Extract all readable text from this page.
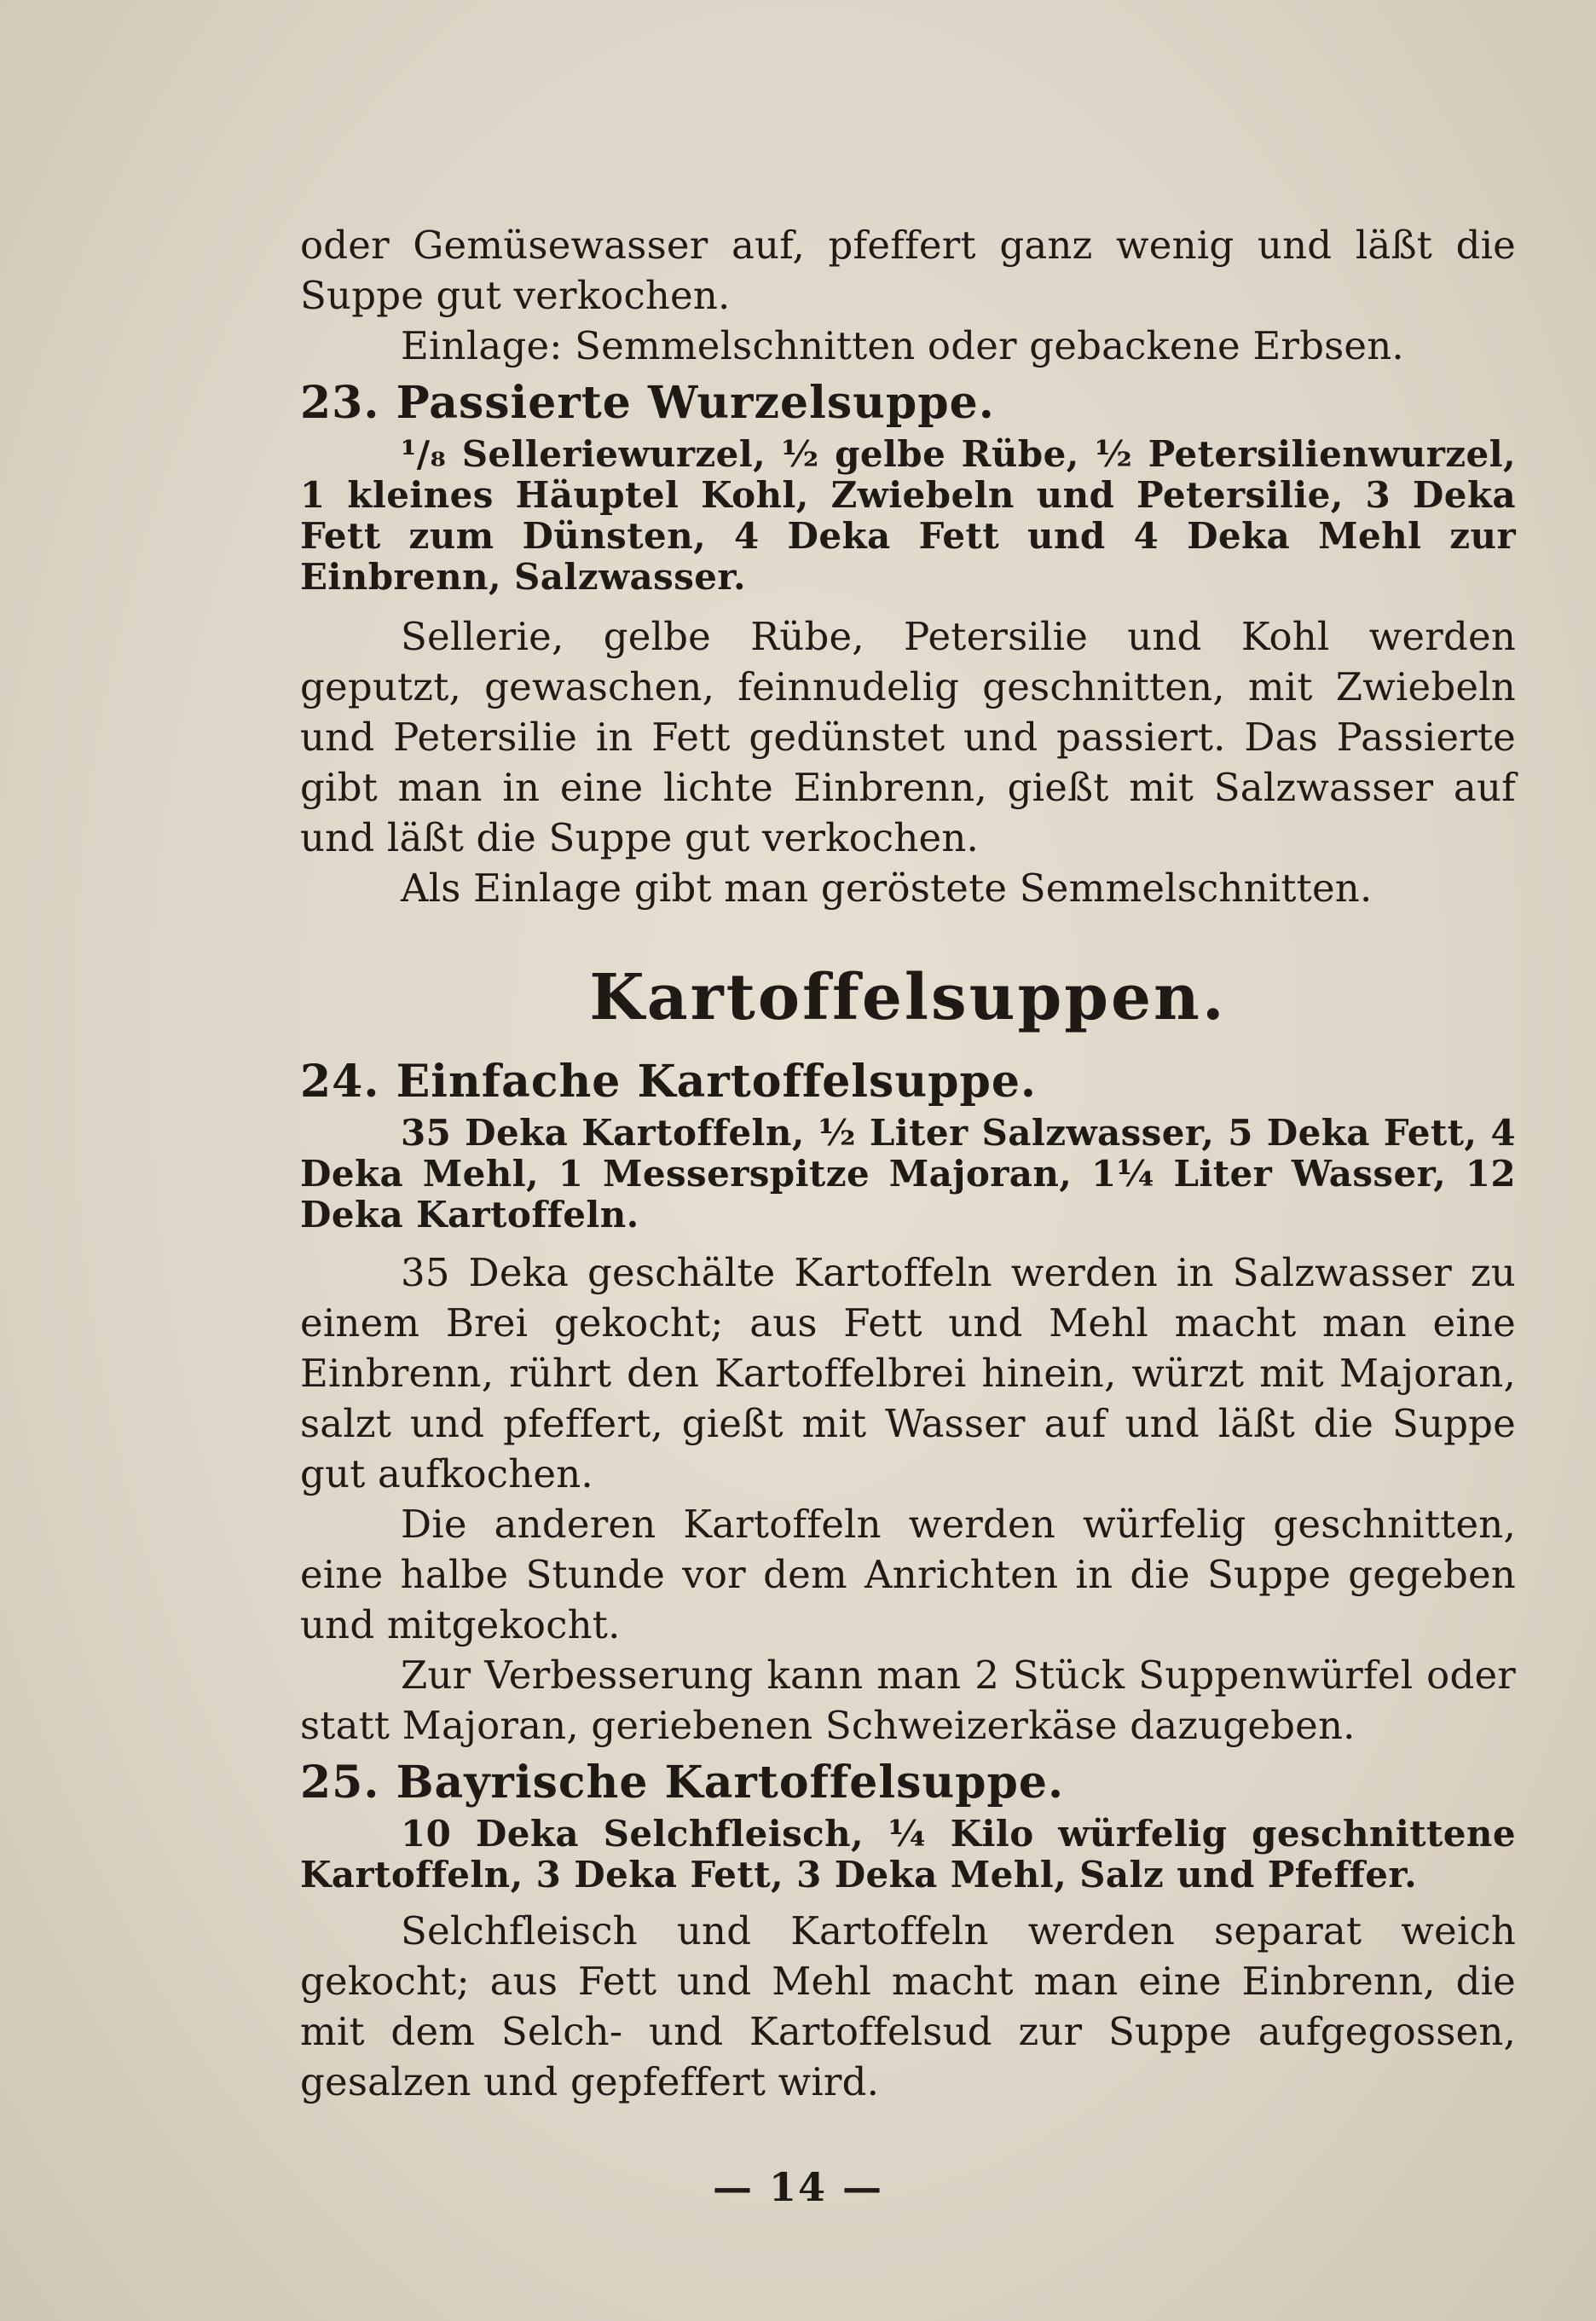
oder Gemüsewasser auf, pfeffert ganz wenig und läßt die Suppe gut verkochen.

Einlage: Semmelschnitten oder gebackene Erbsen.

23. Passierte Wurzelsuppe.

¹/₈ Selleriewurzel, ½ gelbe Rübe, ½ Petersilienwurzel, 1 kleines Häuptel Kohl, Zwiebeln und Petersilie, 3 Deka Fett zum Dünsten, 4 Deka Fett und 4 Deka Mehl zur Einbrenn, Salzwasser.

Sellerie, gelbe Rübe, Petersilie und Kohl werden geputzt, gewaschen, feinnudelig geschnitten, mit Zwiebeln und Petersilie in Fett gedünstet und passiert. Das Passierte gibt man in eine lichte Einbrenn, gießt mit Salzwasser auf und läßt die Suppe gut verkochen.

Als Einlage gibt man geröstete Semmelschnitten.

Kartoffelsuppen.

24. Einfache Kartoffelsuppe.

35 Deka Kartoffeln, ½ Liter Salzwasser, 5 Deka Fett, 4 Deka Mehl, 1 Messerspitze Majoran, 1¼ Liter Wasser, 12 Deka Kartoffeln.

35 Deka geschälte Kartoffeln werden in Salzwasser zu einem Brei gekocht; aus Fett und Mehl macht man eine Einbrenn, rührt den Kartoffelbrei hinein, würzt mit Majoran, salzt und pfeffert, gießt mit Wasser auf und läßt die Suppe gut aufkochen.

Die anderen Kartoffeln werden würfelig geschnitten, eine halbe Stunde vor dem Anrichten in die Suppe gegeben und mitgekocht.

Zur Verbesserung kann man 2 Stück Suppenwürfel oder statt Majoran, geriebenen Schweizerkäse dazugeben.

25. Bayrische Kartoffelsuppe.

10 Deka Selchfleisch, ¼ Kilo würfelig geschnittene Kartoffeln, 3 Deka Fett, 3 Deka Mehl, Salz und Pfeffer.

Selchfleisch und Kartoffeln werden separat weich gekocht; aus Fett und Mehl macht man eine Einbrenn, die mit dem Selch- und Kartoffelsud zur Suppe aufgegossen, gesalzen und gepfeffert wird.

— 14 —
